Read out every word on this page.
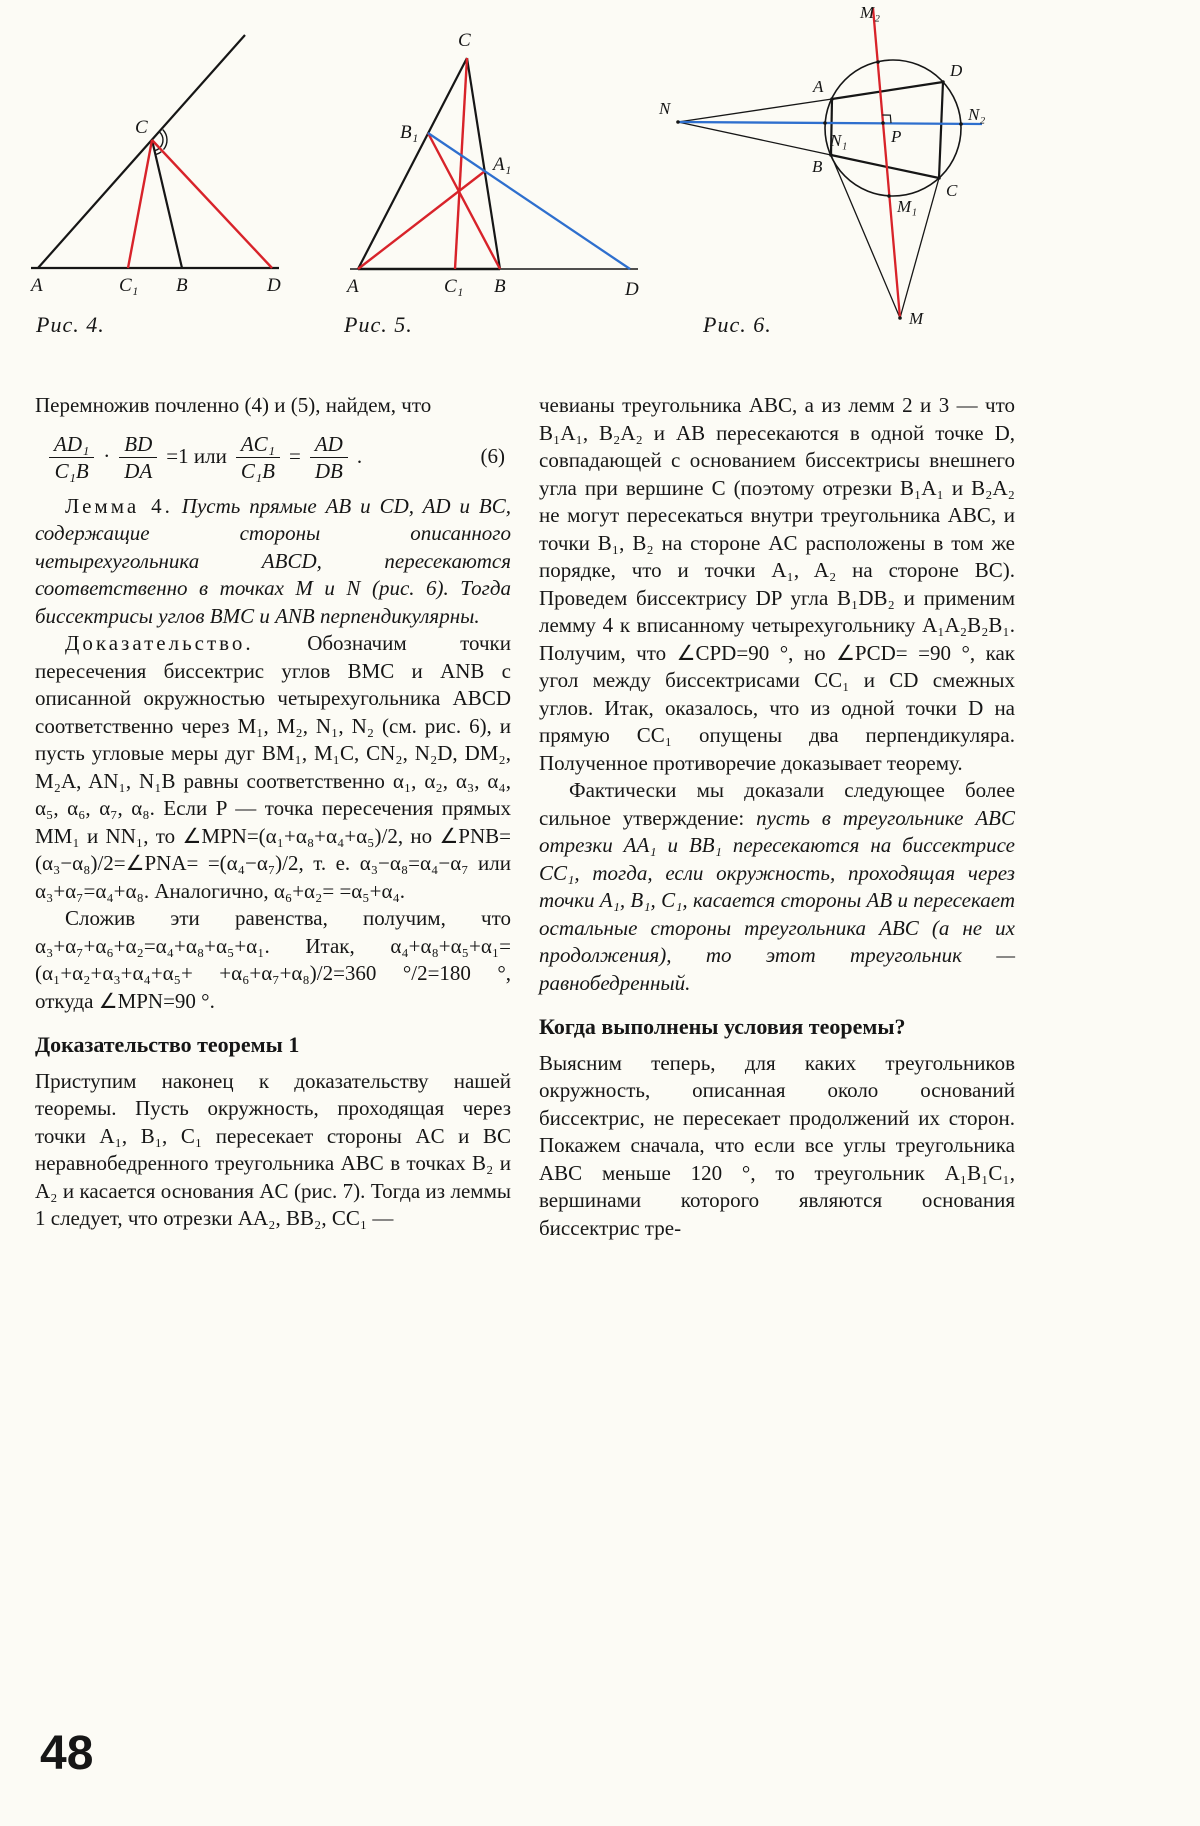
A	C₁ B	D
C
C
B₁
A₁
A	C₁ B	D
M₂
D
A
N
N₁
N₂
P
B
C
M₁
M
Рис. 4.	Рис. 5.	Рис. 6.

Перемножив почленно (4) и (5), найдем, что

$\frac{\text{AD₁}}{\text{C₁B}} \cdot \frac{BD}{DA} =1$ или $\frac{\text{AC₁}}{\text{C₁B}} = \frac{AD}{DB}$ .	(6)

Лемма 4. Пусть прямые AB и CD, AD и BC, содержащие стороны описанного четырехугольника ABCD, пересекаются соответственно в точках M и N (рис. 6). Тогда биссектрисы углов BMC и ANB перпендикулярны.

Доказательство.	Обозначим точки пересечения биссектрис углов BMC и ANB с описанной окружностью четырехугольника ABCD соответственно через M₁, M₂, N₁, N₂ (см. рис. 6), и пусть угловые меры дуг BM₁, M₁C, CN₂, N₂D, DM₂, M₂A, AN₁, N₁B равны соответственно α₁, α₂, α₃, α₄, α₅, α₆, α₇, α₈. Если P — точка пересечения прямых MM₁ и NN₁, то ∠MPN=(α₁+α₈+α₄+α₅)/2, но ∠PNB=(α₃−α₈)/2=∠PNA= =(α₄−α₇)/2, т. е. α₃−α₈=α₄−α₇ или α₃+α₇=α₄+α₈. Аналогично, α₆+α₂= =α₅+α₄.

Сложив эти равенства, получим, что α₃+α₇+α₆+α₂=α₄+α₈+α₅+α₁. Итак, α₄+α₈+α₅+α₁=(α₁+α₂+α₃+α₄+α₅+ +α₆+α₇+α₈)/2=360 °/2=180 °, откуда ∠MPN=90 °.

Доказательство теоремы 1

Приступим наконец к доказательству нашей теоремы. Пусть окружность, проходящая через точки A₁, B₁, C₁ пересекает стороны AC и BC неравнобедренного треугольника ABC в точках B₂ и A₂ и касается основания AC (рис. 7). Тогда из леммы 1 следует, что отрезки AA₂, BB₂, CC₁ —

чевианы треугольника ABC, а из лемм 2 и 3 — что B₁A₁, B₂A₂ и AB пересекаются в одной точке D, совпадающей с основанием биссектрисы внешнего угла при вершине C (поэтому отрезки B₁A₁ и B₂A₂ не могут пересекаться внутри треугольника ABC, и точки B₁, B₂ на стороне AC расположены в том же порядке, что и точки A₁, A₂ на стороне BC). Проведем биссектрису DP угла B₁DB₂ и применим лемму 4 к вписанному четырехугольнику A₁A₂B₂B₁. Получим, что ∠CPD=90 °, но ∠PCD= =90 °, как угол между биссектрисами CC₁ и CD смежных углов. Итак, оказалось, что из одной точки D на прямую CC₁ опущены два перпендикуляра. Полученное противоречие доказывает теорему.

Фактически мы доказали следующее более сильное утверждение: пусть в треугольнике ABC отрезки AA₁ и BB₁ пересекаются на биссектрисе CC₁, тогда, если окружность, проходящая через точки A₁, B₁, C₁, касается стороны AB и пересекает остальные стороны треугольника ABC (а не их продолжения), то этот треугольник — равнобедренный.

Когда выполнены условия теоремы?

Выясним теперь, для каких треугольников окружность, описанная около оснований биссектрис, не пересекает продолжений их сторон. Покажем сначала, что если все углы треугольника ABC меньше 120 °, то треугольник A₁B₁C₁, вершинами которого являются основания биссектрис тре-

48
